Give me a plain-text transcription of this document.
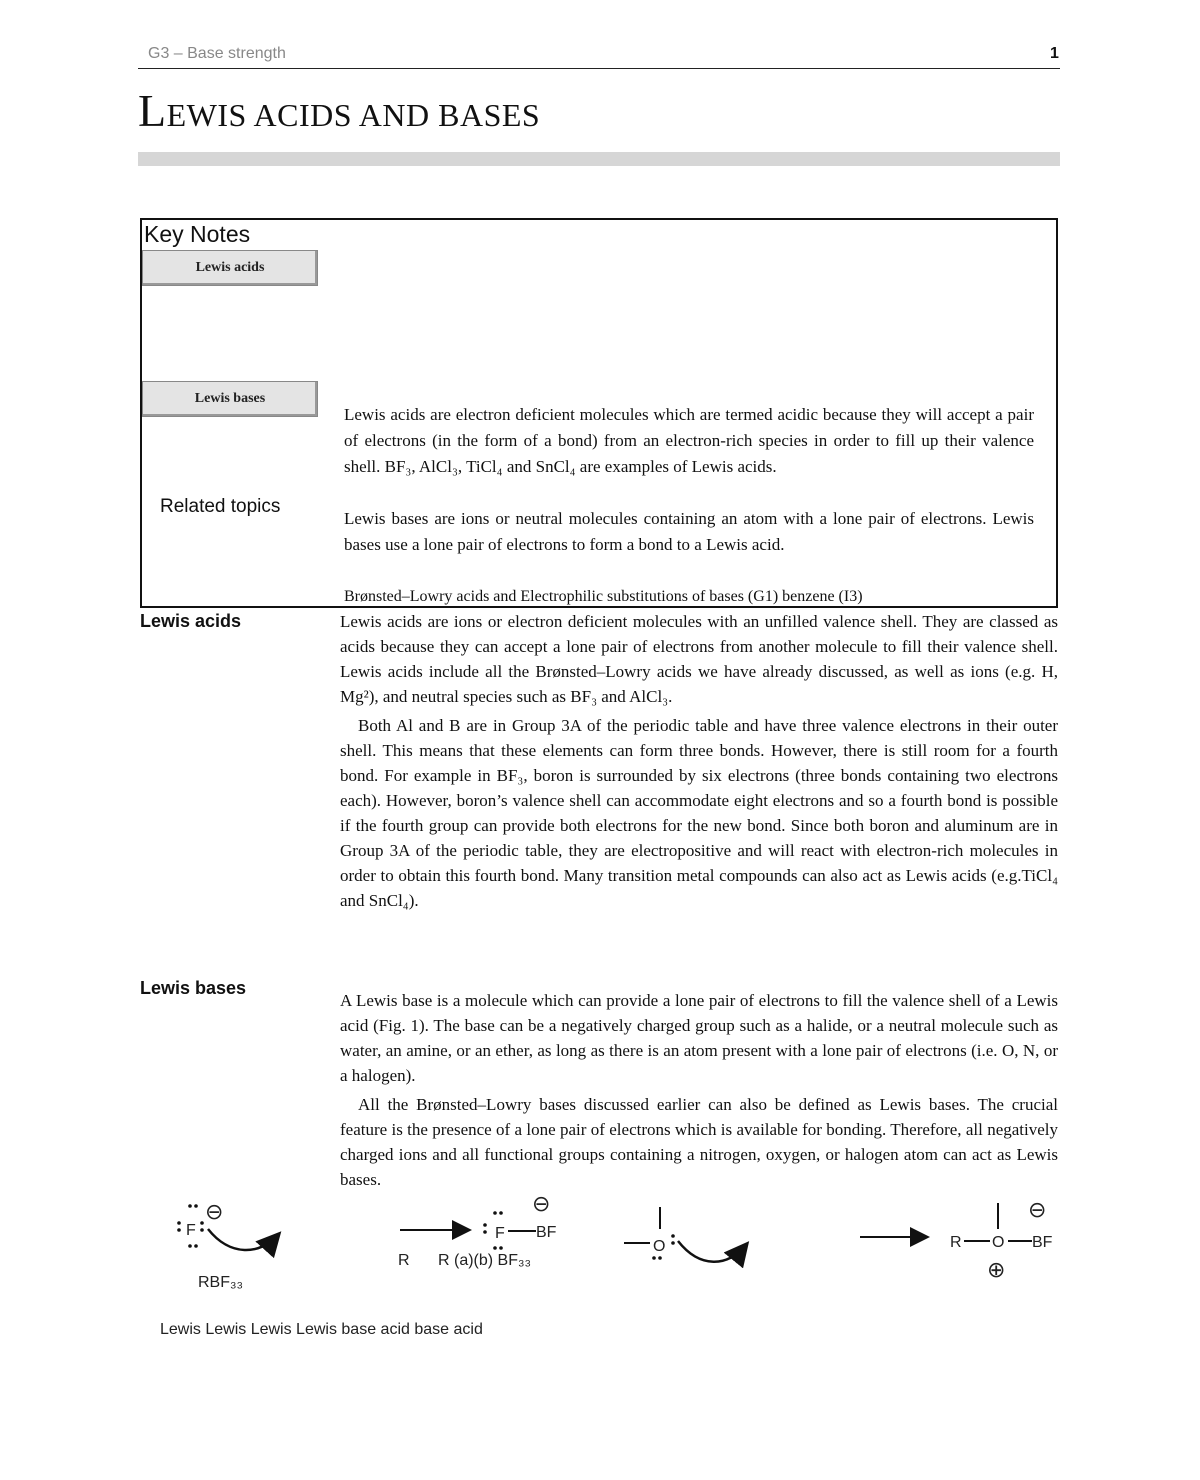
G3 – Base strength	1
LEWIS ACIDS AND BASES
Key Notes
Lewis acids
Lewis bases
Related topics
Lewis acids are electron deficient molecules which are termed acidic because they will accept a pair of electrons (in the form of a bond) from an electron-rich species in order to fill up their valence shell. BF₃, AlCl₃, TiCl₄ and SnCl₄ are examples of Lewis acids.
Lewis bases are ions or neutral molecules containing an atom with a lone pair of electrons. Lewis bases use a lone pair of electrons to form a bond to a Lewis acid.
Brønsted–Lowry acids and Electrophilic substitutions of bases (G1) benzene (I3)
Lewis acids	Lewis acids are ions or electron deficient molecules with an unfilled valence shell. They are classed as acids because they can accept a lone pair of electrons from another molecule to fill their valence shell. Lewis acids include all the Brønsted–Lowry acids we have already discussed, as well as ions (e.g. H, Mg²), and neutral species such as BF₃ and AlCl₃.

Both Al and B are in Group 3A of the periodic table and have three valence electrons in their outer shell. This means that these elements can form three bonds. However, there is still room for a fourth bond. For example in BF₃, boron is surrounded by six electrons (three bonds containing two electrons each). However, boron’s valence shell can accommodate eight electrons and so a fourth bond is possible if the fourth group can provide both electrons for the new bond. Since both boron and aluminum are in Group 3A of the periodic table, they are electropositive and will react with electron-rich molecules in order to obtain this fourth bond. Many transition metal compounds can also act as Lewis acids (e.g.TiCl₄ and SnCl₄).

Lewis bases

A Lewis base is a molecule which can provide a lone pair of electrons to fill the valence shell of a Lewis acid (Fig. 1). The base can be a negatively charged group such as a halide, or a neutral molecule such as water, an amine, or an ether, as long as there is an atom present with a lone pair of electrons (i.e. O, N, or a halogen).

All the Brønsted–Lowry bases discussed earlier can also be defined as Lewis bases. The crucial feature is the presence of a lone pair of electrons which is available for bonding. Therefore, all negatively charged ions and all functional groups containing a nitrogen, oxygen, or halogen atom can act as Lewis bases.

⊖
F
RBF₃₃
⊖
F BF
R R (a)(b) BF₃₃
O
⊖
R O BF
⊕
Lewis Lewis Lewis Lewis base acid base acid
